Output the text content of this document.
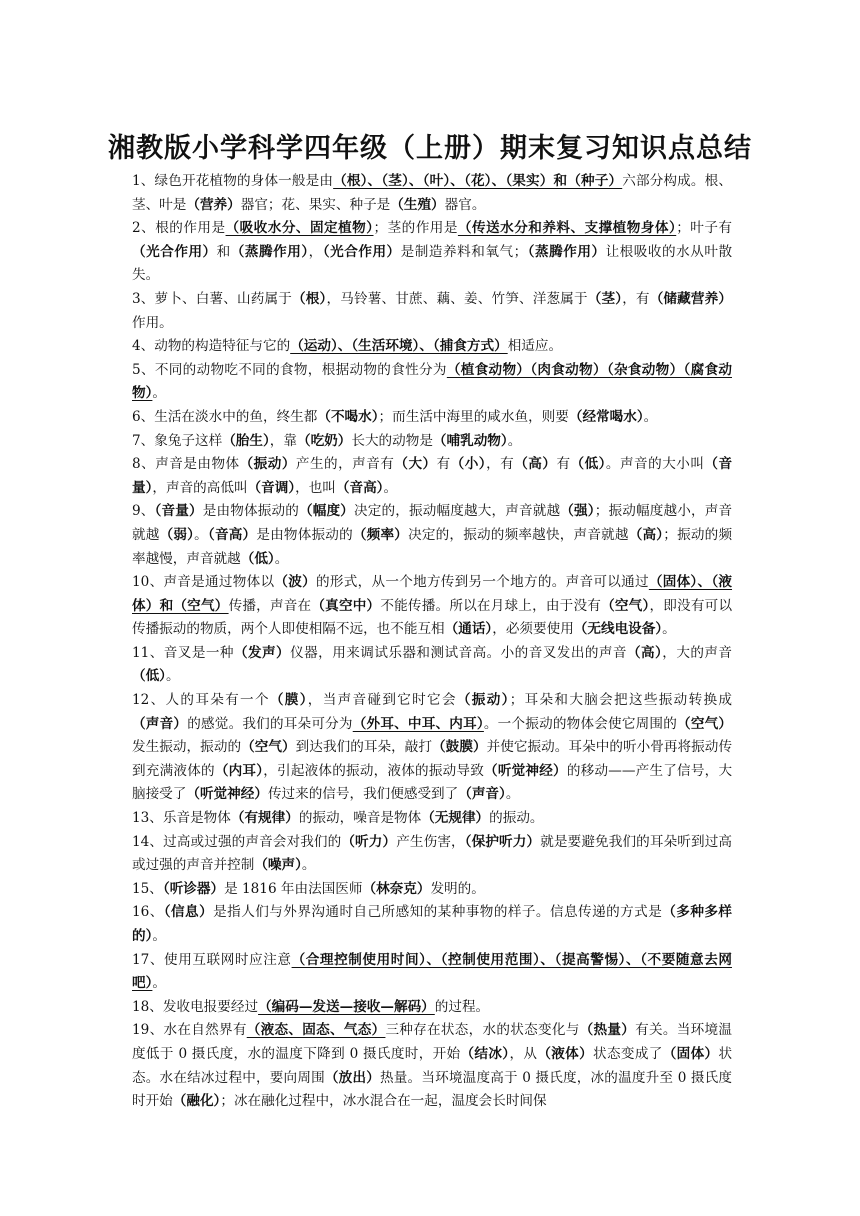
湘教版小学科学四年级（上册）期末复习知识点总结

1、绿色开花植物的身体一般是由（根）、（茎）、（叶）、（花）、（果实）和（种子）六部分构成。根、茎、叶是（营养）器官；花、果实、种子是（生殖）器官。

2、根的作用是（吸收水分、固定植物）；茎的作用是（传送水分和养料、支撑植物身体）；叶子有（光合作用）和（蒸腾作用），（光合作用）是制造养料和氧气；（蒸腾作用）让根吸收的水从叶散失。

3、萝卜、白薯、山药属于（根），马铃薯、甘蔗、藕、姜、竹笋、洋葱属于（茎），有（储藏营养）作用。

4、动物的构造特征与它的（运动）、（生活环境）、（捕食方式）相适应。

5、不同的动物吃不同的食物，根据动物的食性分为（植食动物）（肉食动物）（杂食动物）（腐食动物）。

6、生活在淡水中的鱼，终生都（不喝水）；而生活中海里的咸水鱼，则要（经常喝水）。

7、象兔子这样（胎生），靠（吃奶）长大的动物是（哺乳动物）。

8、声音是由物体（振动）产生的，声音有（大）有（小），有（高）有（低）。声音的大小叫（音量），声音的高低叫（音调），也叫（音高）。

9、（音量）是由物体振动的（幅度）决定的，振动幅度越大，声音就越（强）；振动幅度越小，声音就越（弱）。（音高）是由物体振动的（频率）决定的，振动的频率越快，声音就越（高）；振动的频率越慢，声音就越（低）。

10、声音是通过物体以（波）的形式，从一个地方传到另一个地方的。声音可以通过（固体）、（液体）和（空气）传播，声音在（真空中）不能传播。所以在月球上，由于没有（空气），即没有可以传播振动的物质，两个人即使相隔不远，也不能互相（通话），必须要使用（无线电设备）。

11、音叉是一种（发声）仪器，用来调试乐器和测试音高。小的音叉发出的声音（高），大的声音（低）。

12、人的耳朵有一个（膜），当声音碰到它时它会（振动）；耳朵和大脑会把这些振动转换成（声音）的感觉。我们的耳朵可分为（外耳、中耳、内耳）。一个振动的物体会使它周围的（空气）发生振动，振动的（空气）到达我们的耳朵，敲打（鼓膜）并使它振动。耳朵中的听小骨再将振动传到充满液体的（内耳），引起液体的振动，液体的振动导致（听觉神经）的移动——产生了信号，大脑接受了（听觉神经）传过来的信号，我们便感受到了（声音）。

13、乐音是物体（有规律）的振动，噪音是物体（无规律）的振动。

14、过高或过强的声音会对我们的（听力）产生伤害，（保护听力）就是要避免我们的耳朵听到过高或过强的声音并控制（噪声）。

15、（听诊器）是 1816 年由法国医师（林奈克）发明的。

16、（信息）是指人们与外界沟通时自己所感知的某种事物的样子。信息传递的方式是（多种多样的）。

17、使用互联网时应注意（合理控制使用时间）、（控制使用范围）、（提高警惕）、（不要随意去网吧）。

18、发收电报要经过（编码—发送—接收—解码）的过程。

19、水在自然界有（液态、固态、气态）三种存在状态，水的状态变化与（热量）有关。当环境温度低于 0 摄氏度，水的温度下降到 0 摄氏度时，开始（结冰），从（液体）状态变成了（固体）状态。水在结冰过程中，要向周围（放出）热量。当环境温度高于 0 摄氏度，冰的温度升至 0 摄氏度时开始（融化）；冰在融化过程中，冰水混合在一起，温度会长时间保
